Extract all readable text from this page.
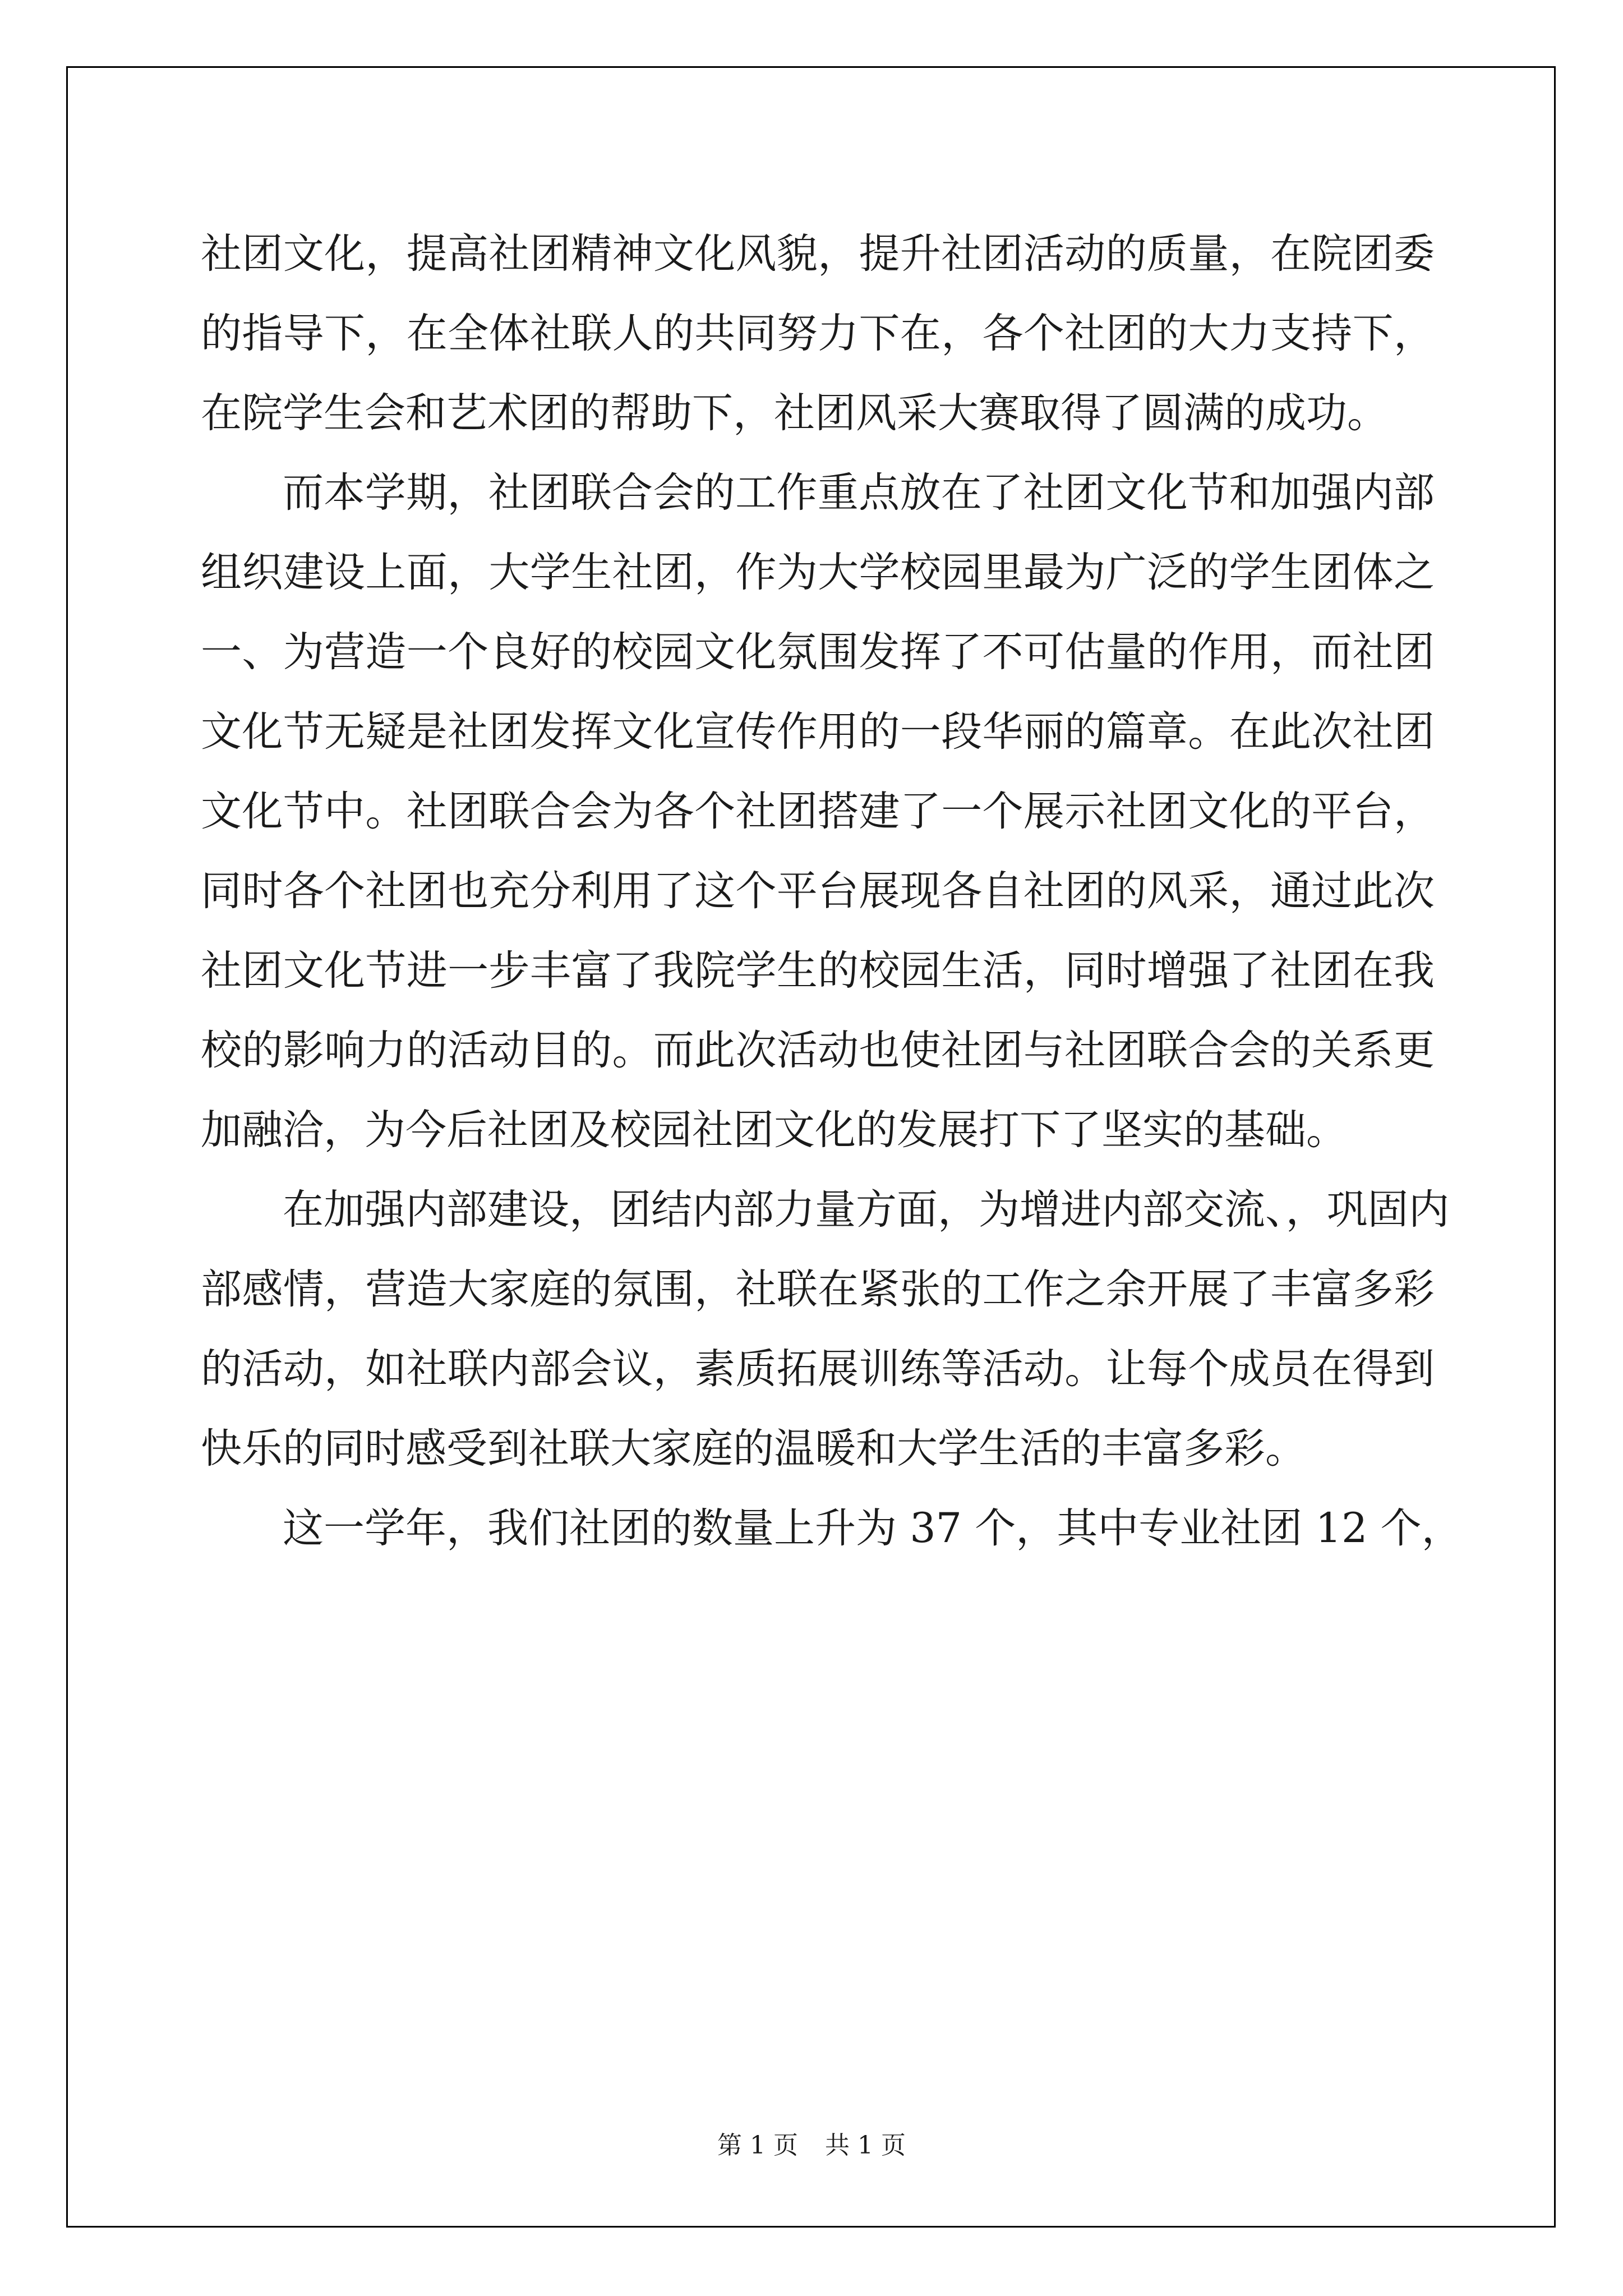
社团文化，提高社团精神文化风貌，提升社团活动的质量，在院团委
的指导下，在全体社联人的共同努力下在，各个社团的大力支持下，
在院学生会和艺术团的帮助下，社团风采大赛取得了圆满的成功。
而本学期，社团联合会的工作重点放在了社团文化节和加强内部
组织建设上面，大学生社团，作为大学校园里最为广泛的学生团体之
一、为营造一个良好的校园文化氛围发挥了不可估量的作用，而社团
文化节无疑是社团发挥文化宣传作用的一段华丽的篇章。在此次社团
文化节中。社团联合会为各个社团搭建了一个展示社团文化的平台，
同时各个社团也充分利用了这个平台展现各自社团的风采，通过此次
社团文化节进一步丰富了我院学生的校园生活，同时增强了社团在我
校的影响力的活动目的。而此次活动也使社团与社团联合会的关系更
加融洽，为今后社团及校园社团文化的发展打下了坚实的基础。
在加强内部建设，团结内部力量方面，为增进内部交流、，巩固内
部感情，营造大家庭的氛围，社联在紧张的工作之余开展了丰富多彩
的活动，如社联内部会议，素质拓展训练等活动。让每个成员在得到
快乐的同时感受到社联大家庭的温暖和大学生活的丰富多彩。
这一学年，我们社团的数量上升为 37 个，其中专业社团 12 个，
第 1 页 共 1 页
